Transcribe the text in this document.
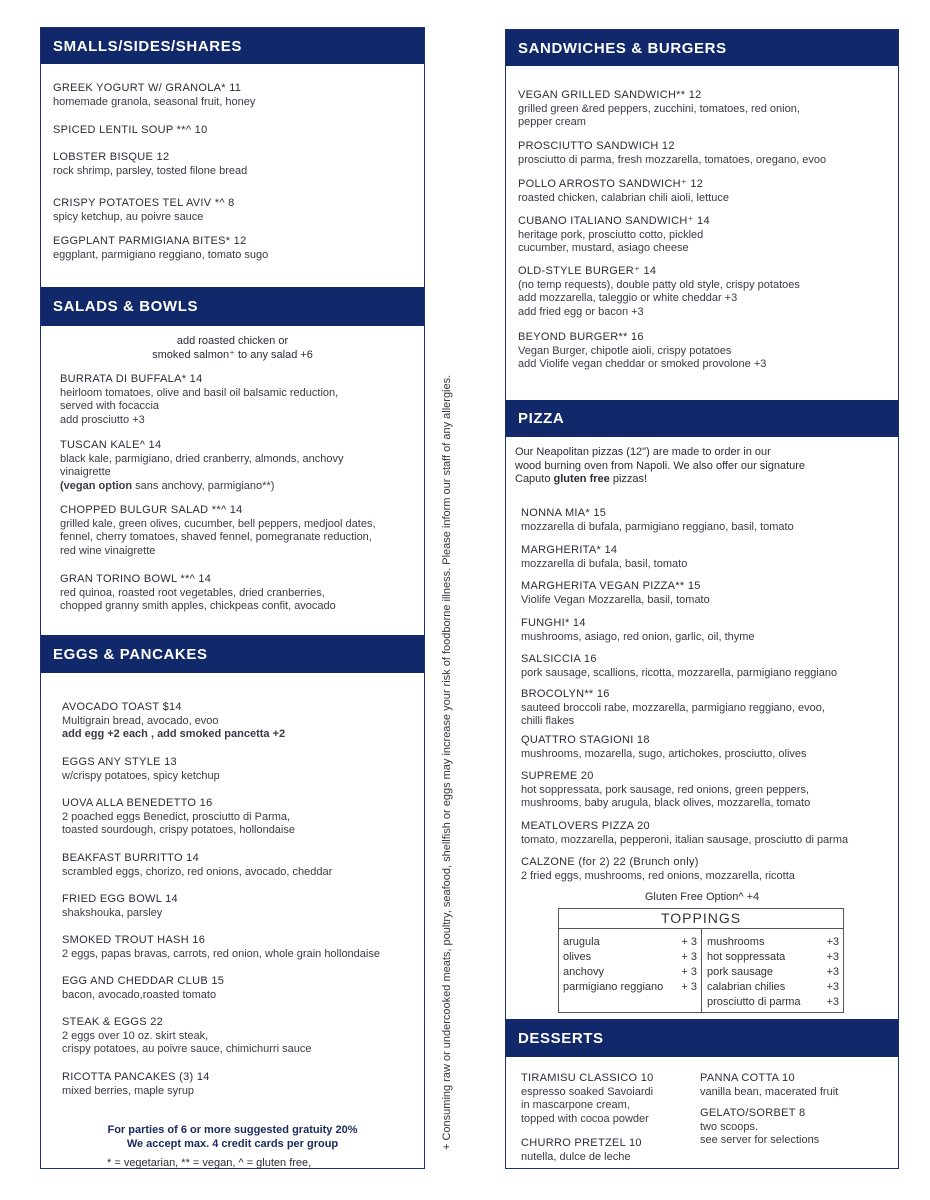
SMALLS/SIDES/SHARES
GREEK YOGURT W/ GRANOLA* 11
homemade granola, seasonal fruit, honey
SPICED LENTIL SOUP **^ 10
LOBSTER BISQUE 12
rock shrimp, parsley, tosted filone bread
CRISPY POTATOES TEL AVIV *^ 8
spicy ketchup, au poivre sauce
EGGPLANT PARMIGIANA BITES* 12
eggplant, parmigiano reggiano, tomato sugo
SALADS & BOWLS
add roasted chicken or
smoked salmon⁺ to any salad +6
BURRATA DI BUFFALA* 14
heirloom tomatoes, olive and basil oil balsamic reduction,
served with focaccia
add prosciutto +3
TUSCAN KALE^ 14
black kale, parmigiano, dried cranberry, almonds, anchovy
vinaigrette
(vegan option sans anchovy, parmigiano**)
CHOPPED BULGUR SALAD **^ 14
grilled kale, green olives, cucumber, bell peppers, medjool dates,
fennel, cherry tomatoes, shaved fennel, pomegranate reduction,
red wine vinaigrette
GRAN TORINO BOWL **^ 14
red quinoa, roasted root vegetables, dried cranberries,
chopped granny smith apples, chickpeas confit, avocado
EGGS & PANCAKES
AVOCADO TOAST $14
Multigrain bread, avocado, evoo
add egg +2 each , add smoked pancetta +2
EGGS ANY STYLE 13
w/crispy potatoes, spicy ketchup
UOVA ALLA BENEDETTO 16
2 poached eggs Benedict, prosciutto di Parma,
toasted sourdough, crispy potatoes, hollondaise
BEAKFAST BURRITTO 14
scrambled eggs, chorizo, red onions, avocado, cheddar
FRIED EGG BOWL 14
shakshouka, parsley
SMOKED TROUT HASH 16
2 eggs, papas bravas, carrots, red onion, whole grain hollondaise
EGG AND CHEDDAR CLUB 15
bacon, avocado,roasted tomato
STEAK & EGGS 22
2 eggs over 10 oz. skirt steak,
crispy potatoes, au poivre sauce, chimichurri sauce
RICOTTA PANCAKES (3) 14
mixed berries, maple syrup
For parties of 6 or more suggested gratuity 20%
We accept max. 4 credit cards per group
* = vegetarian, ** = vegan, ^ = gluten free,
+ Consuming raw or undercooked meats, poultry, seafood, shellfish or eggs may increase your risk of foodborne illness. Please inform our staff of any allergies.
SANDWICHES & BURGERS
VEGAN GRILLED SANDWICH** 12
grilled green &red peppers, zucchini, tomatoes, red onion,
pepper cream
PROSCIUTTO SANDWICH 12
prosciutto di parma, fresh mozzarella, tomatoes, oregano, evoo
POLLO ARROSTO SANDWICH⁺ 12
roasted chicken, calabrian chili aioli, lettuce
CUBANO ITALIANO SANDWICH⁺ 14
heritage pork, prosciutto cotto, pickled
cucumber, mustard, asiago cheese
OLD-STYLE BURGER⁺ 14
(no temp requests), double patty old style, crispy potatoes
add mozzarella, taleggio or white cheddar +3
add fried egg or bacon +3
BEYOND BURGER** 16
Vegan Burger, chipotle aioli, crispy potatoes
add Violife vegan cheddar or smoked provolone +3
PIZZA
Our Neapolitan pizzas (12") are made to order in our
wood burning oven from Napoli. We also offer our signature
Caputo gluten free pizzas!
NONNA MIA* 15
mozzarella di bufala, parmigiano reggiano, basil, tomato
MARGHERITA* 14
mozzarella di bufala, basil, tomato
MARGHERITA VEGAN PIZZA** 15
Violife Vegan Mozzarella, basil, tomato
FUNGHI* 14
mushrooms, asiago, red onion, garlic, oil, thyme
SALSICCIA 16
pork sausage, scallions, ricotta, mozzarella, parmigiano reggiano
BROCOLYN** 16
sauteed broccoli rabe, mozzarella, parmigiano reggiano, evoo,
chilli flakes
QUATTRO STAGIONI 18
mushrooms, mozarella, sugo, artichokes, prosciutto, olives
SUPREME 20
hot soppressata, pork sausage, red onions, green peppers,
mushrooms, baby arugula, black olives, mozzarella, tomato
MEATLOVERS PIZZA 20
tomato, mozzarella, pepperoni, italian sausage, prosciutto di parma
CALZONE (for 2) 22 (Brunch only)
2 fried eggs, mushrooms, red onions, mozzarella, ricotta
Gluten Free Option^ +4
TOPPINGS
arugula	+ 3
olives	+ 3
anchovy	+ 3
parmigiano reggiano + 3
mushrooms	+3
hot soppressata	+3
pork sausage	+3
calabrian chilies	+3
prosciutto di parma +3
DESSERTS
TIRAMISU CLASSICO 10
espresso soaked Savoiardi
in mascarpone cream,
topped with cocoa powder
CHURRO PRETZEL 10
nutella, dulce de leche
PANNA COTTA 10
vanilla bean, macerated fruit
GELATO/SORBET 8
two scoops.
see server for selections
